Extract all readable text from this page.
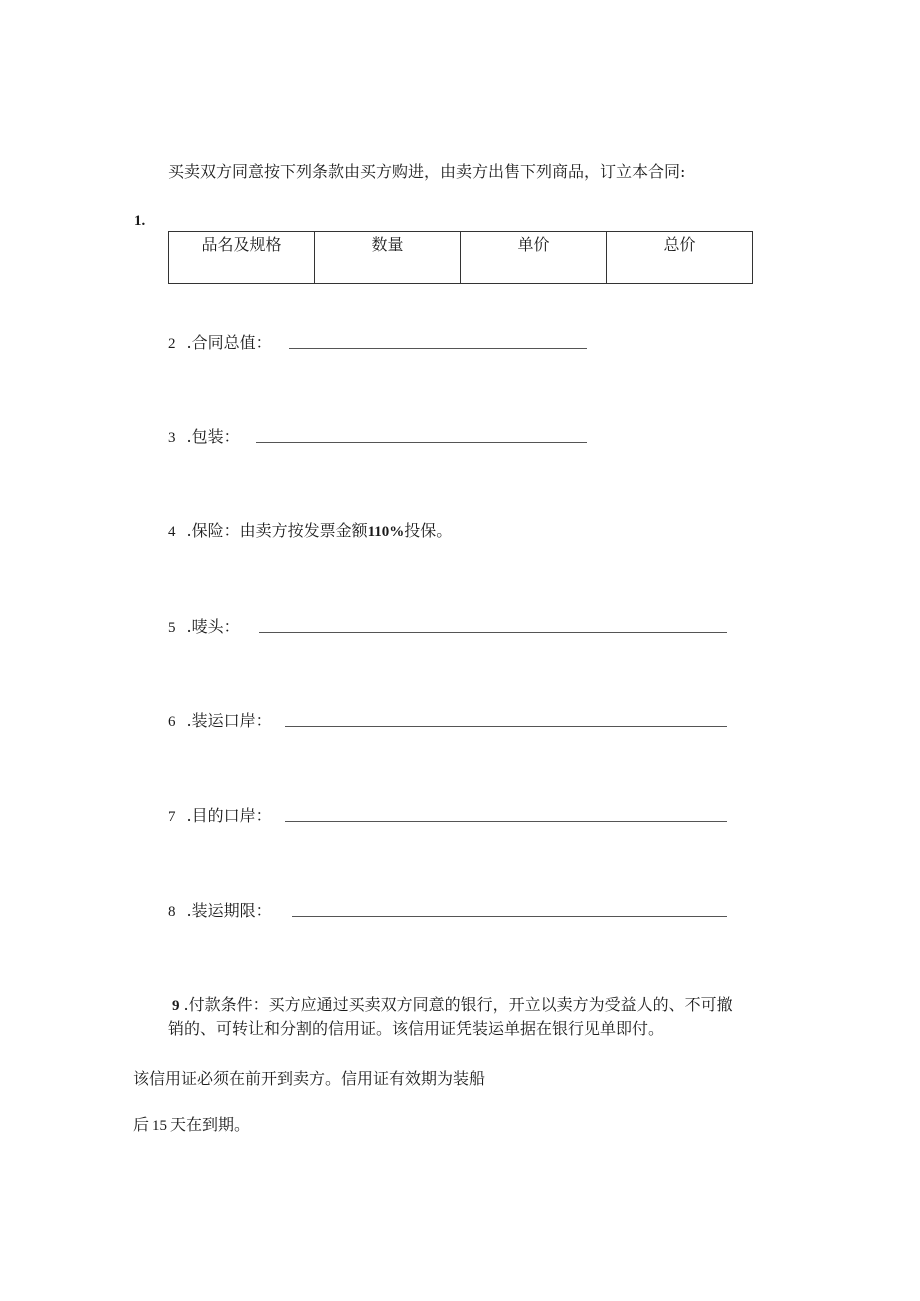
买卖双方同意按下列条款由买方购进，由卖方出售下列商品，订立本合同:
1.
品名及规格	数量	单价	总价
2 .合同总值：
3 .包装：
4 .保险：由卖方按发票金额110%投保。
5 .唛头：
6 .装运口岸：
7 .目的口岸：
8 .装运期限：
9 .付款条件：买方应通过买卖双方同意的银行，开立以卖方为受益人的、不可撤
销的、可转让和分割的信用证。该信用证凭装运单据在银行见单即付。
该信用证必须在前开到卖方。信用证有效期为装船
后 15 天在到期。
